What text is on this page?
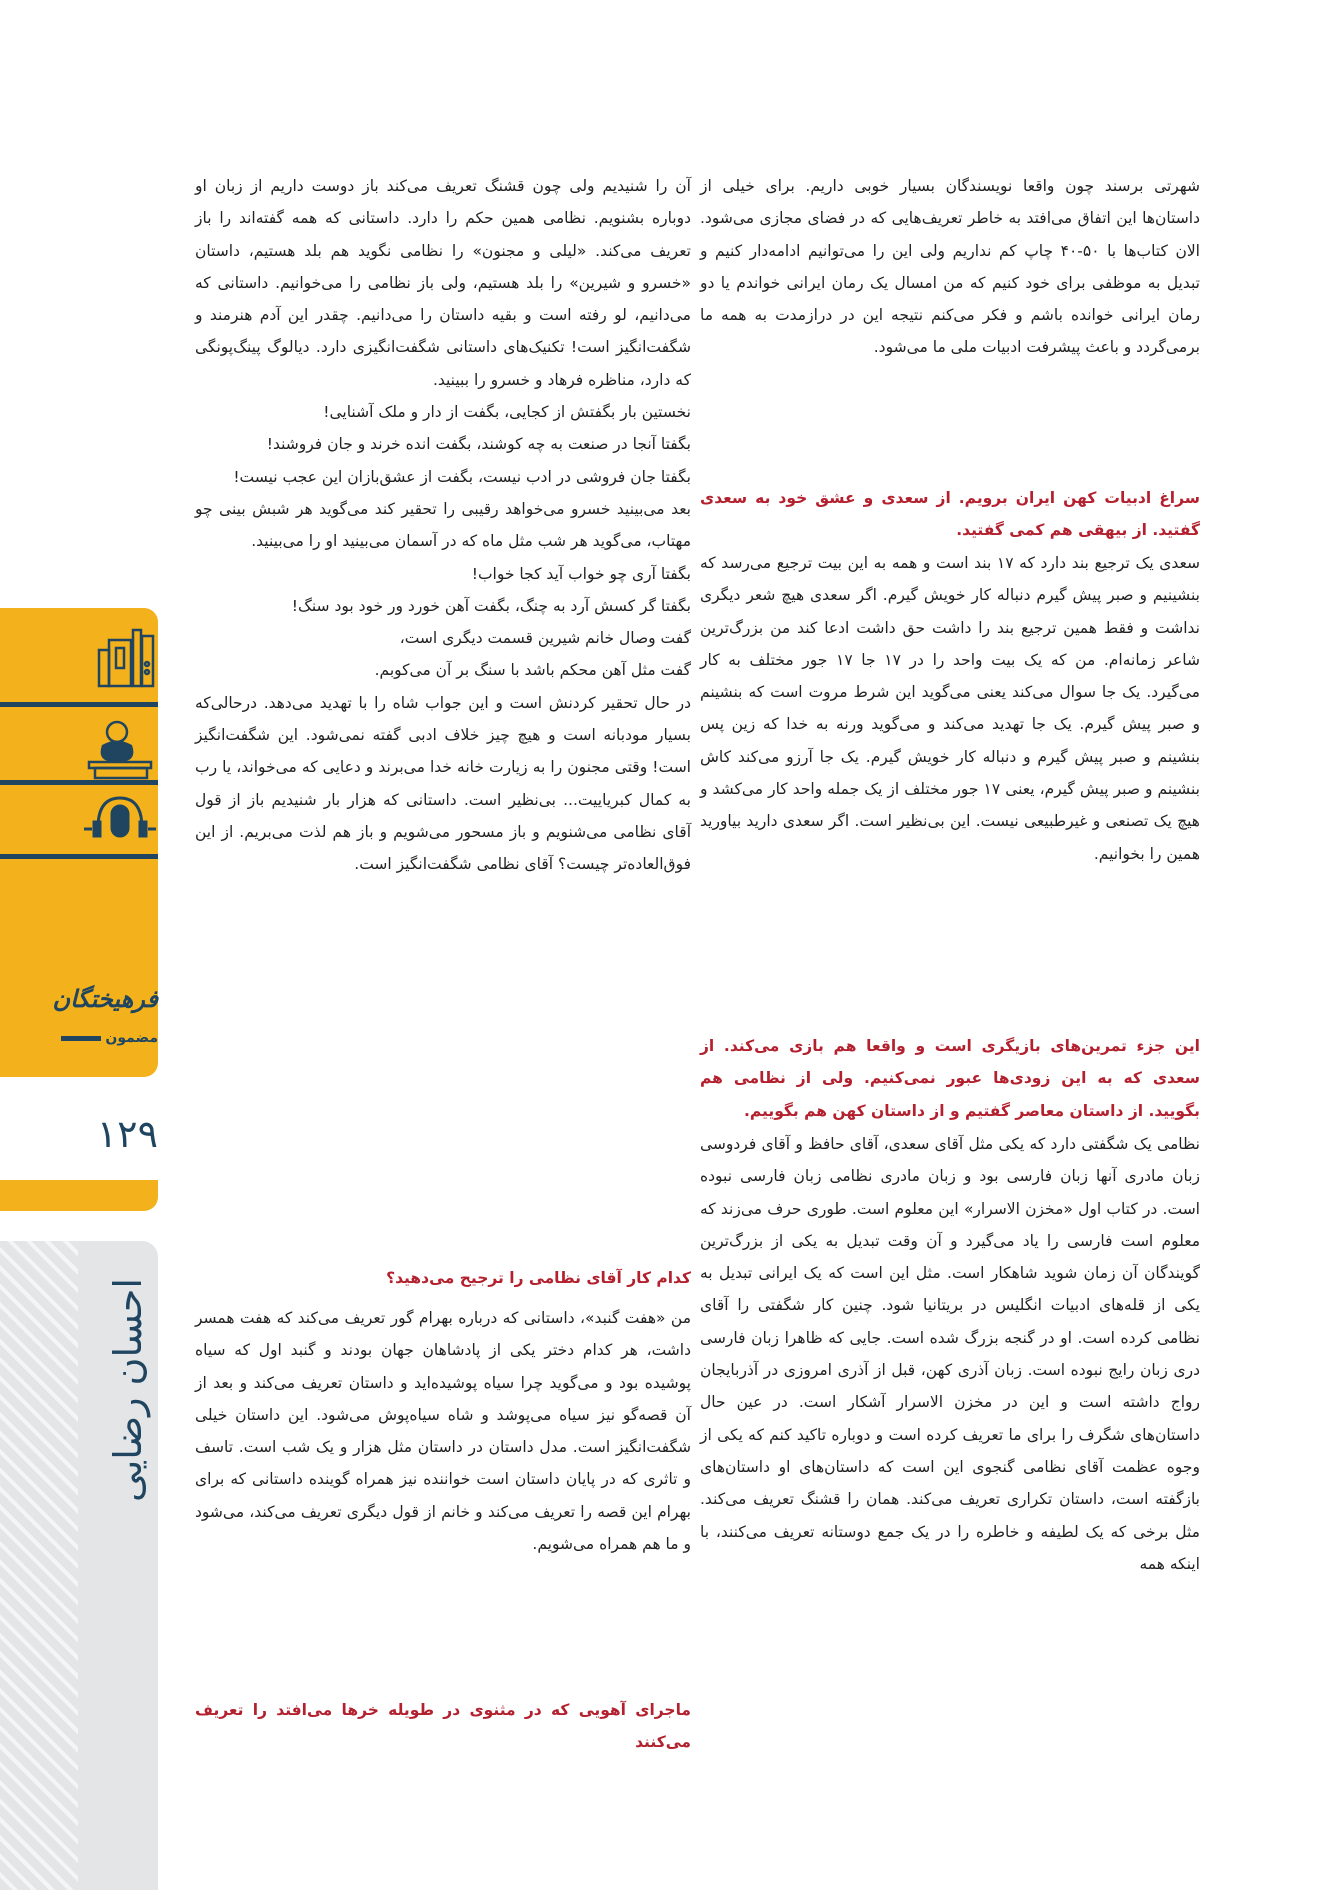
فرهیختگان
مضمون
۱۲۹
احسان رضایی

شهرتی برسند چون واقعا نویسندگان بسیار خوبی داریم. برای خیلی از داستان‌ها این اتفاق می‌افتد به خاطر تعریف‌هایی که در فضای مجازی می‌شود. الان کتاب‌ها با ۵۰-۴۰ چاپ کم نداریم ولی این را می‌توانیم ادامه‌دار کنیم و تبدیل به موظفی برای خود کنیم که من امسال یک رمان ایرانی خواندم یا دو رمان ایرانی خوانده باشم و فکر می‌کنم نتیجه این در درازمدت به همه ما برمی‌گردد و باعث پیشرفت ادبیات ملی ما می‌شود.

سراغ ادبیات کهن ایران برویم. از سعدی و عشق خود به سعدی گفتید. از بیهقی هم کمی گفتید.

سعدی یک ترجیع بند دارد که ۱۷ بند است و همه به این بیت ترجیع می‌رسد که بنشینیم و صبر پیش گیرم دنباله کار خویش گیرم. اگر سعدی هیچ شعر دیگری نداشت و فقط همین ترجیع بند را داشت حق داشت ادعا کند من بزرگ‌ترین شاعر زمانه‌ام. من که یک بیت واحد را در ۱۷ جا ۱۷ جور مختلف به کار می‌گیرد. یک جا سوال می‌کند یعنی می‌گوید این شرط مروت است که بنشینم و صبر پیش گیرم. یک جا تهدید می‌کند و می‌گوید ورنه به خدا که زین پس بنشینم و صبر پیش گیرم و دنباله کار خویش گیرم. یک جا آرزو می‌کند کاش بنشینم و صبر پیش گیرم، یعنی ۱۷ جور مختلف از یک جمله واحد کار می‌کشد و هیچ یک تصنعی و غیرطبیعی نیست. این بی‌نظیر است. اگر سعدی دارید بیاورید همین را بخوانیم.

این جزء تمرین‌های بازیگری است و واقعا هم بازی می‌کند. از سعدی که به این زودی‌ها عبور نمی‌کنیم. ولی از نظامی هم بگویید. از داستان معاصر گفتیم و از داستان کهن هم بگوییم.

نظامی یک شگفتی دارد که یکی مثل آقای سعدی، آقای حافظ و آقای فردوسی زبان مادری آنها زبان فارسی بود و زبان مادری نظامی زبان فارسی نبوده است. در کتاب اول «مخزن الاسرار» این معلوم است. طوری حرف می‌زند که معلوم است فارسی را یاد می‌گیرد و آن وقت تبدیل به یکی از بزرگ‌ترین گویندگان آن زمان شوید شاهکار است. مثل این است که یک ایرانی تبدیل به یکی از قله‌های ادبیات انگلیس در بریتانیا شود. چنین کار شگفتی را آقای نظامی کرده است. او در گنجه بزرگ شده است. جایی که ظاهرا زبان فارسی دری زبان رایج نبوده است. زبان آذری کهن، قبل از آذری امروزی در آذربایجان رواج داشته است و این در مخزن الاسرار آشکار است. در عین حال داستان‌های شگرف را برای ما تعریف کرده است و دوباره تاکید کنم که یکی از وجوه عظمت آقای نظامی گنجوی این است که داستان‌های او داستان‌های بازگفته است، داستان تکراری تعریف می‌کند. همان را قشنگ تعریف می‌کند. مثل برخی که یک لطیفه و خاطره را در یک جمع دوستانه تعریف می‌کنند، با اینکه همه

آن را شنیدیم ولی چون قشنگ تعریف می‌کند باز دوست داریم از زبان او دوباره بشنویم. نظامی همین حکم را دارد. داستانی که همه گفته‌اند را باز تعریف می‌کند. «لیلی و مجنون» را نظامی نگوید هم بلد هستیم، داستان «خسرو و شیرین» را بلد هستیم، ولی باز نظامی را می‌خوانیم. داستانی که می‌دانیم، لو رفته است و بقیه داستان را می‌دانیم. چقدر این آدم هنرمند و شگفت‌انگیز است! تکنیک‌های داستانی شگفت‌انگیزی دارد. دیالوگ پینگ‌پونگی که دارد، مناظره فرهاد و خسرو را ببینید.

نخستین بار بگفتش از کجایی، بگفت از دار و ملک آشنایی!

بگفتا آنجا در صنعت به چه کوشند، بگفت انده خرند و جان فروشند!

بگفتا جان فروشی در ادب نیست، بگفت از عشق‌بازان این عجب نیست!

بعد می‌بینید خسرو می‌خواهد رقیبی را تحقیر کند می‌گوید هر شبش بینی چو مهتاب، می‌گوید هر شب مثل ماه که در آسمان می‌بینید او را می‌بینید.

بگفتا آری چو خواب آید کجا خواب!

بگفتا گر کسش آرد به چنگ، بگفت آهن خورد ور خود بود سنگ!

گفت وصال خانم شیرین قسمت دیگری است،

گفت مثل آهن محکم باشد با سنگ بر آن می‌کوبم.

در حال تحقیر کردنش است و این جواب شاه را با تهدید می‌دهد. درحالی‌که بسیار مودبانه است و هیچ چیز خلاف ادبی گفته نمی‌شود. این شگفت‌انگیز است! وقتی مجنون را به زیارت خانه خدا می‌برند و دعایی که می‌خواند، یا رب به کمال کبریاییت... بی‌نظیر است. داستانی که هزار بار شنیدیم باز از قول آقای نظامی می‌شنویم و باز مسحور می‌شویم و باز هم لذت می‌بریم. از این فوق‌العاده‌تر چیست؟ آقای نظامی شگفت‌انگیز است.

کدام کار آقای نظامی را ترجیح می‌دهید؟

من «هفت گنبد»، داستانی که درباره بهرام گور تعریف می‌کند که هفت همسر داشت، هر کدام دختر یکی از پادشاهان جهان بودند و گنبد اول که سیاه پوشیده بود و می‌گوید چرا سیاه پوشیده‌اید و داستان تعریف می‌کند و بعد از آن قصه‌گو نیز سیاه می‌پوشد و شاه سیاه‌پوش می‌شود. این داستان خیلی شگفت‌انگیز است. مدل داستان در داستان مثل هزار و یک شب است. تاسف و تاثری که در پایان داستان است خواننده نیز همراه گوینده داستانی که برای بهرام این قصه را تعریف می‌کند و خانم از قول دیگری تعریف می‌کند، می‌شود و ما هم همراه می‌شویم.

ماجرای آهویی که در مثنوی در طویله خرها می‌افتد را تعریف می‌کنند
